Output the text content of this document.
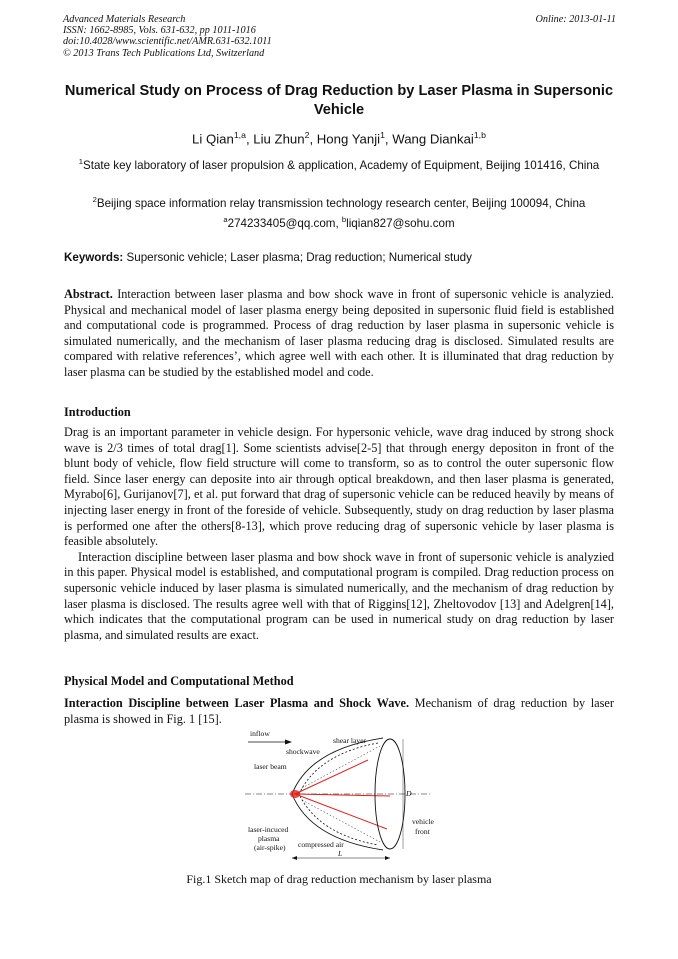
Advanced Materials Research
ISSN: 1662-8985, Vols. 631-632, pp 1011-1016
doi:10.4028/www.scientific.net/AMR.631-632.1011
© 2013 Trans Tech Publications Ltd, Switzerland
Online: 2013-01-11
Numerical Study on Process of Drag Reduction by Laser Plasma in Supersonic Vehicle
Li Qian$^{1,a}$, Liu Zhun$^2$, Hong Yanji$^1$, Wang Diankai$^{1,b}$
$^1$State key laboratory of laser propulsion & application, Academy of Equipment, Beijing 101416, China
$^2$Beijing space information relay transmission technology research center, Beijing 100094, China
$^a$274233405@qq.com, $^b$liqian827@sohu.com
Keywords: Supersonic vehicle; Laser plasma; Drag reduction; Numerical study
Abstract. Interaction between laser plasma and bow shock wave in front of supersonic vehicle is analyzied. Physical and mechanical model of laser plasma energy being deposited in supersonic fluid field is established and computational code is programmed. Process of drag reduction by laser plasma in supersonic vehicle is simulated numerically, and the mechanism of laser plasma reducing drag is disclosed. Simulated results are compared with relative references’, which agree well with each other. It is illuminated that drag reduction by laser plasma can be studied by the established model and code.
Introduction
Drag is an important parameter in vehicle design. For hypersonic vehicle, wave drag induced by strong shock wave is 2/3 times of total drag[1]. Some scientists advise[2-5] that through energy depositon in front of the blunt body of vehicle, flow field structure will come to transform, so as to control the outer supersonic flow field. Since laser energy can deposite into air through optical breakdown, and then laser plasma is generated, Myrabo[6], Gurijanov[7], et al. put forward that drag of supersonic vehicle can be reduced heavily by means of injecting laser energy in front of the foreside of vehicle. Subsequently, study on drag reduction by laser plasma is performed one after the others[8-13], which prove reducing drag of supersonic vehicle by laser plasma is feasible absolutely.
Interaction discipline between laser plasma and bow shock wave in front of supersonic vehicle is analyzied in this paper. Physical model is established, and computational program is compiled. Drag reduction process on supersonic vehicle induced by laser plasma is simulated numerically, and the mechanism of drag reduction by laser plasma is disclosed. The results agree well with that of Riggins[12], Zheltovodov [13] and Adelgren[14], which indicates that the computational program can be used in numerical study on drag reduction by laser plasma, and simulated results are exact.
Physical Model and Computational Method
Interaction Discipline between Laser Plasma and Shock Wave. Mechanism of drag reduction by laser plasma is showed in Fig. 1 [15].
inflow
shear layer
shockwave
laser beam
laser-incuced
plasma
(air-spike) compressed air
vehicle
front
D
L
Fig.1 Sketch map of drag reduction mechanism by laser plasma
